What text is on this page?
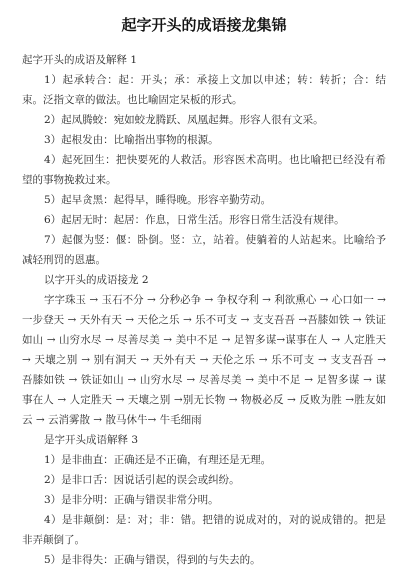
起字开头的成语接龙集锦

起字开头的成语及解释 1

1）起承转合：起：开头；承：承接上文加以申述；转：转折；合：结束。泛指文章的做法。也比喻固定呆板的形式。

2）起凤腾蛟：宛如蛟龙腾跃、凤凰起舞。形容人很有文采。

3）起根发由：比喻指出事物的根源。

4）起死回生：把快要死的人救活。形容医术高明。也比喻把已经没有希望的事物挽救过来。

5）起早贪黑：起得早，睡得晚。形容辛勤劳动。

6）起居无时：起居：作息，日常生活。形容日常生活没有规律。

7）起偃为竖：偃：卧倒。竖：立，站着。使躺着的人站起来。比喻给予减轻刑罚的恩惠。

以字开头的成语接龙 2

字字珠玉 → 玉石不分 → 分秒必争 → 争权夺利 → 利欲熏心 → 心口如一 →一步登天 → 天外有天 → 天伦之乐 → 乐不可支 → 支支吾吾 →吾膝如铁 → 铁证如山 → 山穷水尽 → 尽善尽美 → 美中不足 → 足智多谋→谋事在人 → 人定胜天 → 天壤之别 → 别有洞天 → 天外有天 → 天伦之乐 → 乐不可支 → 支支吾吾 → 吾膝如铁 → 铁证如山 → 山穷水尽 → 尽善尽美 → 美中不足 → 足智多谋 → 谋事在人 → 人定胜天 → 天壤之别 →别无长物 → 物极必反 → 反败为胜 →胜友如云 → 云消雾散 → 散马休牛→ 牛毛细雨

是字开头成语解释 3

1）是非曲直：正确还是不正确，有理还是无理。

2）是非口舌：因说话引起的误会或纠纷。

3）是非分明：正确与错误非常分明。

4）是非颠倒：是：对；非：错。把错的说成对的，对的说成错的。把是非弄颠倒了。

5）是非得失：正确与错误，得到的与失去的。
